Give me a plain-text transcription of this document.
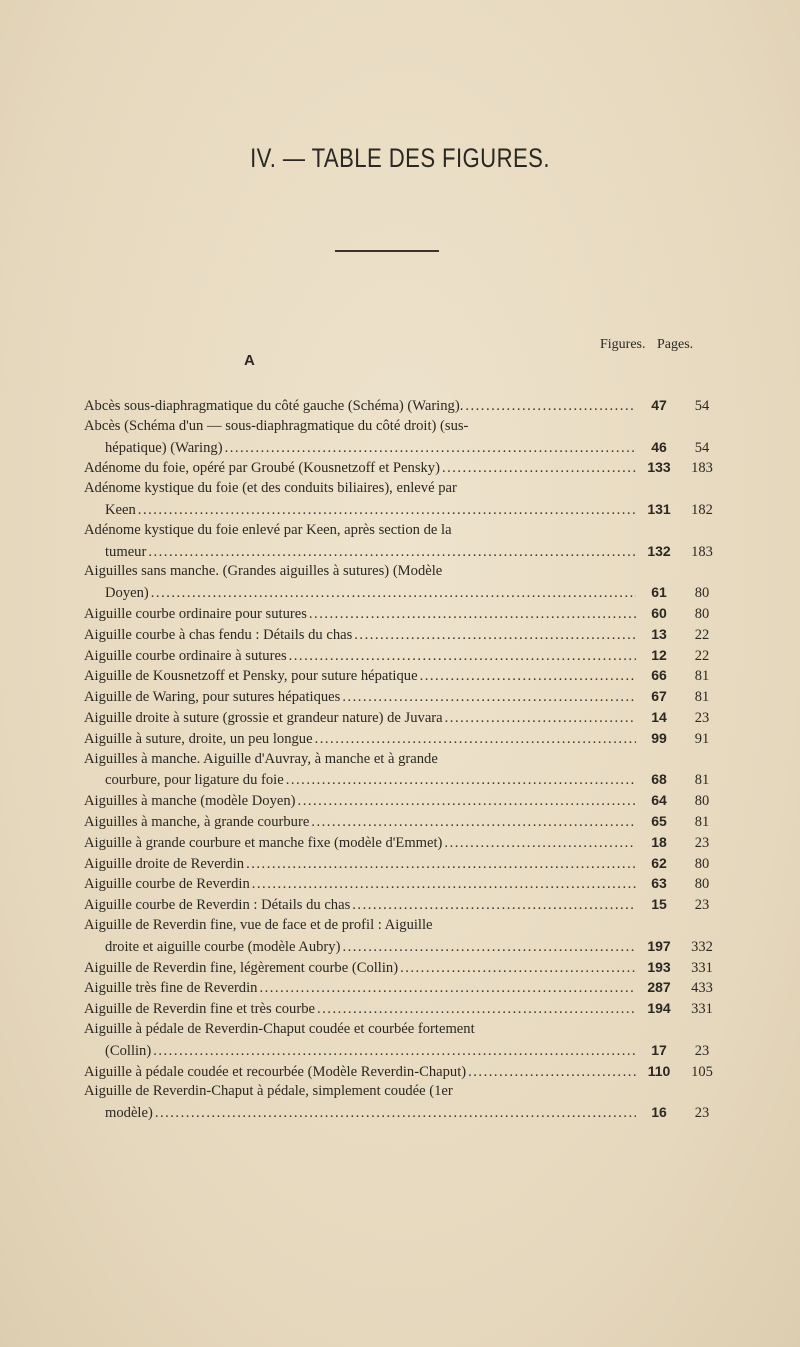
IV. — TABLE DES FIGURES.
Figures. Pages.
A
Abcès sous-diaphragmatique du côté gauche (Schéma) (Waring). .....	47	54
Abcès (Schéma d'un — sous-diaphragmatique du côté droit) (sus-
hépatique) (Waring) .....	46	54
Adénome du foie, opéré par Groubé (Kousnetzoff et Pensky) .....	133	183
Adénome kystique du foie (et des conduits biliaires), enlevé par
Keen .....	131	182
Adénome kystique du foie enlevé par Keen, après section de la
tumeur .....	132	183
Aiguilles sans manche. (Grandes aiguilles à sutures) (Modèle
Doyen) .....	61	80
Aiguille courbe ordinaire pour sutures .....	60	80
Aiguille courbe à chas fendu : Détails du chas .....	13	22
Aiguille courbe ordinaire à sutures .....	12	22
Aiguille de Kousnetzoff et Pensky, pour suture hépatique .....	66	81
Aiguille de Waring, pour sutures hépatiques .....	67	81
Aiguille droite à suture (grossie et grandeur nature) de Juvara .....	14	23
Aiguille à suture, droite, un peu longue .....	99	91
Aiguilles à manche. Aiguille d'Auvray, à manche et à grande
courbure, pour ligature du foie .....	68	81
Aiguilles à manche (modèle Doyen) .....	64	80
Aiguilles à manche, à grande courbure .....	65	81
Aiguille à grande courbure et manche fixe (modèle d'Emmet) .....	18	23
Aiguille droite de Reverdin .....	62	80
Aiguille courbe de Reverdin .....	63	80
Aiguille courbe de Reverdin : Détails du chas .....	15	23
Aiguille de Reverdin fine, vue de face et de profil : Aiguille
droite et aiguille courbe (modèle Aubry) .....	197	332
Aiguille de Reverdin fine, légèrement courbe (Collin) .....	193	331
Aiguille très fine de Reverdin .....	287	433
Aiguille de Reverdin fine et très courbe .....	194	331
Aiguille à pédale de Reverdin-Chaput coudée et courbée fortement
(Collin) .....	17	23
Aiguille à pédale coudée et recourbée (Modèle Reverdin-Chaput) .....	110	105
Aiguille de Reverdin-Chaput à pédale, simplement coudée (1er
modèle) .....	16	23
